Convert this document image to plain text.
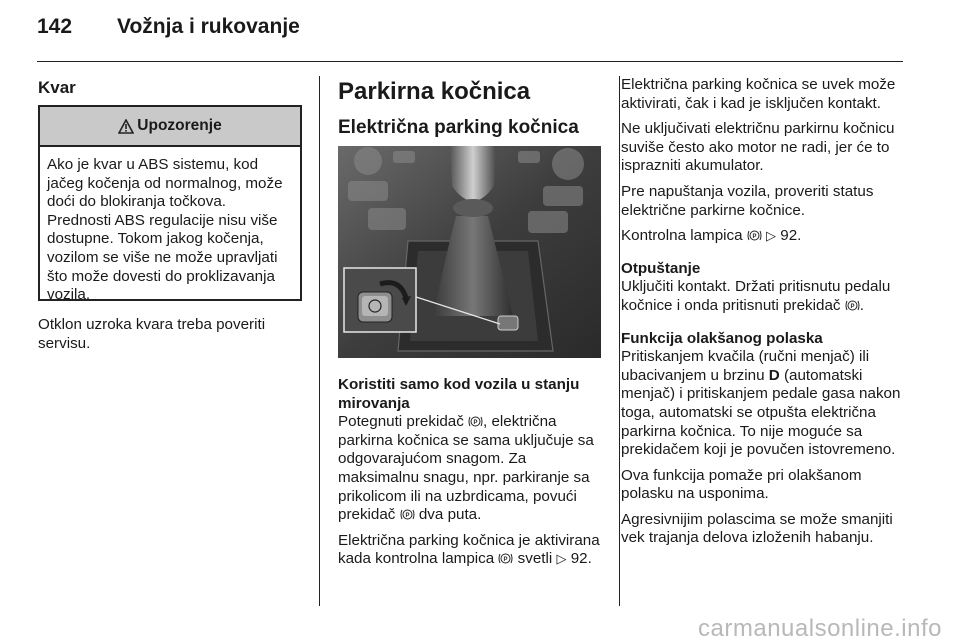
142 Vožnja i rukovanje
Kvar
Upozorenje
Ako je kvar u ABS sistemu, kod jačeg kočenja od normalnog, može doći do blokiranja točkova. Prednosti ABS regulacije nisu više dostupne. Tokom jakog kočenja, vozilom se više ne može upravljati što može dovesti do proklizavanja vozila.

Otklon uzroka kvara treba poveriti servisu.

Parkirna kočnica
Električna parking kočnica
Koristiti samo kod vozila u stanju mirovanja

Potegnuti prekidač P , električna parkirna kočnica se sama uključuje sa odgovarajućom snagom. Za maksimalnu snagu, npr. parkiranje sa prikolicom ili na uzbrdicama, povući prekidač P dva puta.

Električna parking kočnica je aktivirana kada kontrolna lampica P svetli ▷ 92.

Električna parking kočnica se uvek može aktivirati, čak i kad je isključen kontakt.

Ne uključivati električnu parkirnu kočnicu suviše često ako motor ne radi, jer će to isprazniti akumulator.

Pre napuštanja vozila, proveriti status električne parkirne kočnice.

Kontrolna lampica P ▷ 92.

Otpuštanje

Uključiti kontakt. Držati pritisnutu pedalu kočnice i onda pritisnuti prekidač P .

Funkcija olakšanog polaska

Pritiskanjem kvačila (ručni menjač) ili ubacivanjem u brzinu D (automatski menjač) i pritiskanjem pedale gasa nakon toga, automatski se otpušta električna parkirna kočnica. To nije moguće sa prekidačem koji je povučen istovremeno.

Ova funkcija pomaže pri olakšanom polasku na usponima.

Agresivnijim polascima se može smanjiti vek trajanja delova izloženih habanju.

carmanualsonline.info
